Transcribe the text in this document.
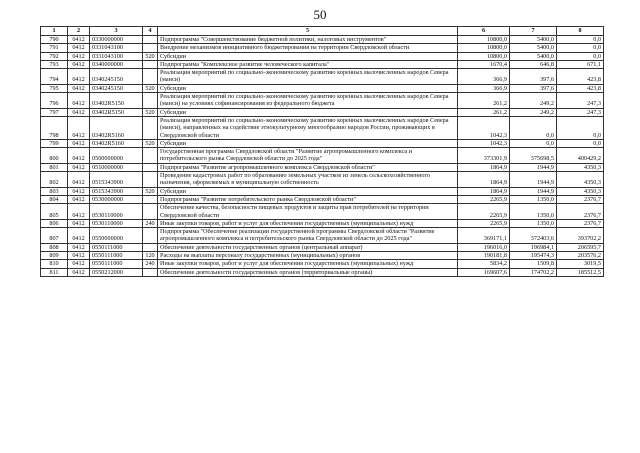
50
1	2	3	4	5	6	7	8
790	0412	0330000000		Подпрограмма "Совершенствование бюджетной политики, налоговых инструментов"	10800,0	5400,0	0,0
791	0412	0331043100		Внедрение механизмов инициативного бюджетирования на территории Свердловской области	10800,0	5400,0	0,0
792	0412	0331043100	520	Субсидии	10800,0	5400,0	0,0
793	0412	0340000000		Подпрограмма "Комплексное развитие человеческого капитала"	1670,4	646,8	671,1
794	0412	0340245150		Реализация мероприятий по социально-экономическому развитию коренных малочисленных народов Севера (манси)	366,9	397,6	423,8
795	0412	0340245150	520	Субсидии	366,9	397,6	423,8
796	0412	03402R5150		Реализация мероприятий по социально-экономическому развитию коренных малочисленных народов Севера (манси) на условиях софинансирования из федерального бюджета	261,2	249,2	247,3
797	0412	03402R5150	520	Субсидии	261,2	249,2	247,3
798	0412	03402R5160		Реализация мероприятий по социально-экономическому развитию коренных малочисленных народов Севера (манси), направленных на содействие этнокультурному многообразию народов России, проживающих в Свердловской области	1042,3	0,0	0,0
799	0412	03402R5160	520	Субсидии	1042,3	0,0	0,0
800	0412	0500000000		Государственная программа Свердловской области "Развитие агропромышленного комплекса и потребительского рынка Свердловской области до 2025 года"	373301,9	375698,5	400429,2
801	0412	0510000000		Подпрограмма "Развитие агропромышленного комплекса Свердловской области"	1864,9	1944,9	4350,3
802	0412	0515343900		Проведение кадастровых работ по образованию земельных участков из земель сельскохозяйственного назначения, оформляемых в муниципальную собственность	1864,9	1944,9	4350,3
803	0412	0515343900	520	Субсидии	1864,9	1944,9	4350,3
804	0412	0530000000		Подпрограмма "Развитие потребительского рынка Свердловской области"	2265,9	1350,0	2376,7
805	0412	0530110000		Обеспечение качества, безопасности пищевых продуктов и защиты прав потребителей на территории Свердловской области	2265,9	1350,0	2376,7
806	0412	0530110000	240	Иные закупки товаров, работ и услуг для обеспечения государственных (муниципальных) нужд	2265,9	1350,0	2376,7
807	0412	0550000000		Подпрограмма "Обеспечение реализации государственной программы Свердловской области "Развитие агропромышленного комплекса и потребительского рынка Свердловской области до 2025 года"	369171,1	372403,6	393702,2
808	0412	0550111000		Обеспечение деятельности государственных органов (центральный аппарат)	196016,0	196984,1	206595,7
809	0412	0550111000	120	Расходы на выплаты персоналу государственных (муниципальных) органов	190181,8	195474,3	203576,2
810	0412	0550111000	240	Иные закупки товаров, работ и услуг для обеспечения государственных (муниципальных) нужд	5834,2	1509,8	3019,5
811	0412	0550212000		Обеспечение деятельности государственных органов (территориальные органы)	169607,6	174702,2	185512,5
